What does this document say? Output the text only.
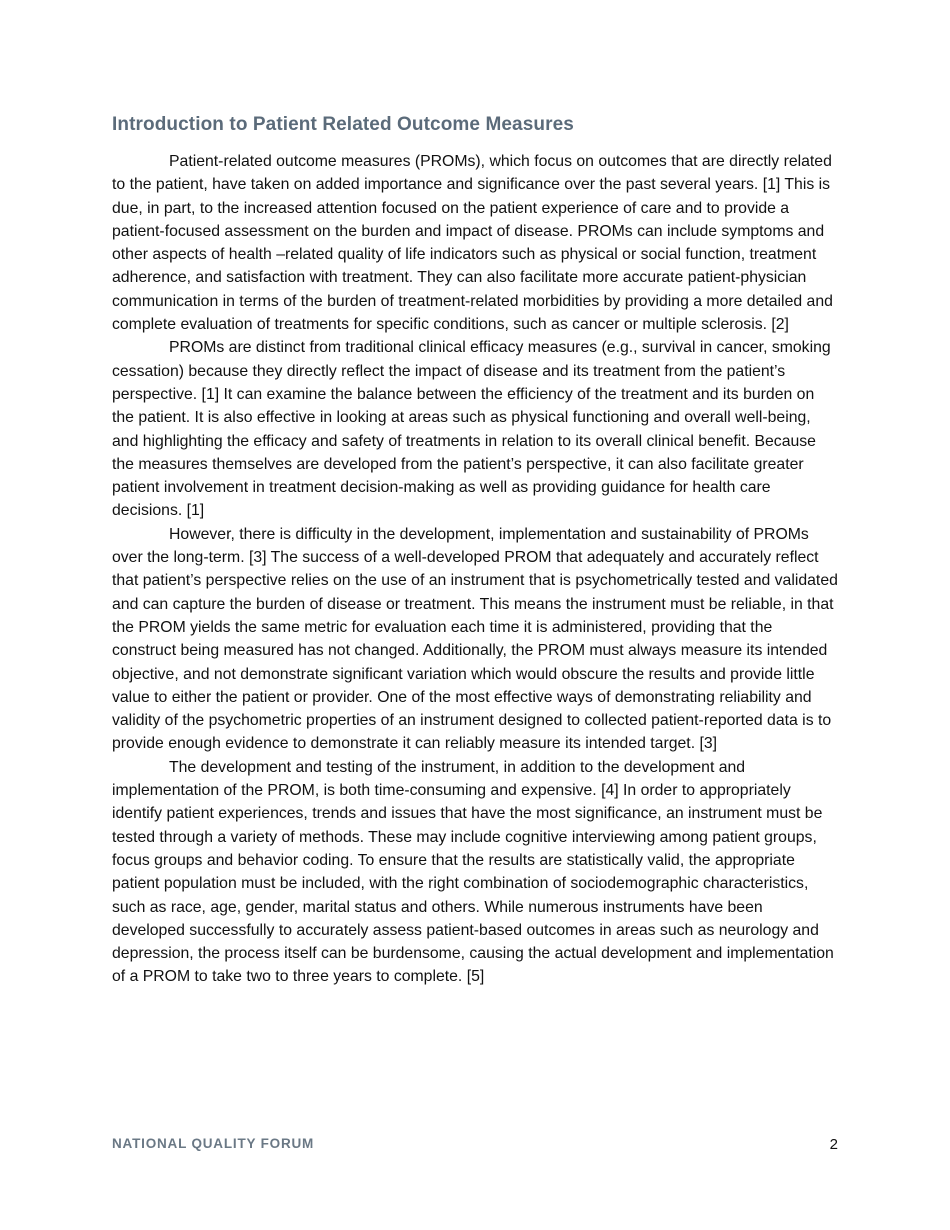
Introduction to Patient Related Outcome Measures

Patient-related outcome measures (PROMs), which focus on outcomes that are directly related to the patient, have taken on added importance and significance over the past several years. [1] This is due, in part, to the increased attention focused on the patient experience of care and to provide a patient-focused assessment on the burden and impact of disease. PROMs can include symptoms and other aspects of health –related quality of life indicators such as physical or social function, treatment adherence, and satisfaction with treatment. They can also facilitate more accurate patient-physician communication in terms of the burden of treatment-related morbidities by providing a more detailed and complete evaluation of treatments for specific conditions, such as cancer or multiple sclerosis. [2]

PROMs are distinct from traditional clinical efficacy measures (e.g., survival in cancer, smoking cessation) because they directly reflect the impact of disease and its treatment from the patient’s perspective. [1] It can examine the balance between the efficiency of the treatment and its burden on the patient. It is also effective in looking at areas such as physical functioning and overall well-being, and highlighting the efficacy and safety of treatments in relation to its overall clinical benefit. Because the measures themselves are developed from the patient’s perspective, it can also facilitate greater patient involvement in treatment decision-making as well as providing guidance for health care decisions. [1]

However, there is difficulty in the development, implementation and sustainability of PROMs over the long-term. [3] The success of a well-developed PROM that adequately and accurately reflect that patient’s perspective relies on the use of an instrument that is psychometrically tested and validated and can capture the burden of disease or treatment. This means the instrument must be reliable, in that the PROM yields the same metric for evaluation each time it is administered, providing that the construct being measured has not changed. Additionally, the PROM must always measure its intended objective, and not demonstrate significant variation which would obscure the results and provide little value to either the patient or provider. One of the most effective ways of demonstrating reliability and validity of the psychometric properties of an instrument designed to collected patient-reported data is to provide enough evidence to demonstrate it can reliably measure its intended target. [3]

The development and testing of the instrument, in addition to the development and implementation of the PROM, is both time-consuming and expensive. [4] In order to appropriately identify patient experiences, trends and issues that have the most significance, an instrument must be tested through a variety of methods. These may include cognitive interviewing among patient groups, focus groups and behavior coding. To ensure that the results are statistically valid, the appropriate patient population must be included, with the right combination of sociodemographic characteristics, such as race, age, gender, marital status and others. While numerous instruments have been developed successfully to accurately assess patient-based outcomes in areas such as neurology and depression, the process itself can be burdensome, causing the actual development and implementation of a PROM to take two to three years to complete. [5]

NATIONAL QUALITY FORUM	2
